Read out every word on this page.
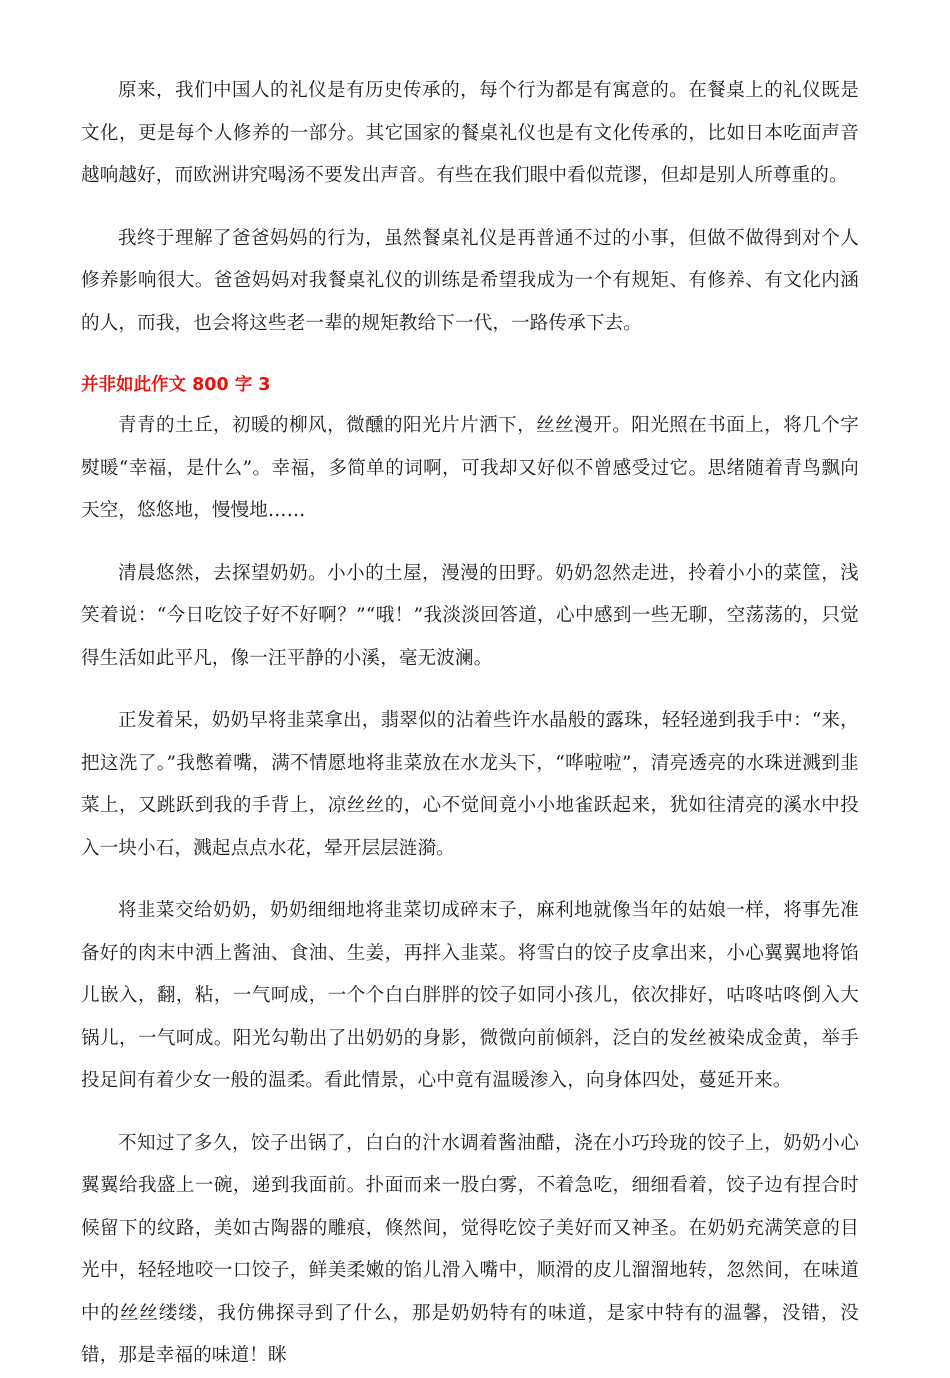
原来，我们中国人的礼仪是有历史传承的，每个行为都是有寓意的。在餐桌上的礼仪既是文化，更是每个人修养的一部分。其它国家的餐桌礼仪也是有文化传承的，比如日本吃面声音越响越好，而欧洲讲究喝汤不要发出声音。有些在我们眼中看似荒谬，但却是别人所尊重的。

我终于理解了爸爸妈妈的行为，虽然餐桌礼仪是再普通不过的小事，但做不做得到对个人修养影响很大。爸爸妈妈对我餐桌礼仪的训练是希望我成为一个有规矩、有修养、有文化内涵的人，而我，也会将这些老一辈的规矩教给下一代，一路传承下去。

并非如此作文 800 字 3

青青的土丘，初暖的柳风，微醺的阳光片片洒下，丝丝漫开。阳光照在书面上，将几个字熨暖“幸福，是什么”。幸福，多简单的词啊，可我却又好似不曾感受过它。思绪随着青鸟飘向天空，悠悠地，慢慢地……

清晨悠然，去探望奶奶。小小的土屋，漫漫的田野。奶奶忽然走进，拎着小小的菜筐，浅笑着说：“今日吃饺子好不好啊？”“哦！”我淡淡回答道，心中感到一些无聊，空荡荡的，只觉得生活如此平凡，像一汪平静的小溪，毫无波澜。

正发着呆，奶奶早将韭菜拿出，翡翠似的沾着些许水晶般的露珠，轻轻递到我手中：“来，把这洗了。”我憋着嘴，满不情愿地将韭菜放在水龙头下，“哗啦啦”，清亮透亮的水珠迸溅到韭菜上，又跳跃到我的手背上，凉丝丝的，心不觉间竟小小地雀跃起来，犹如往清亮的溪水中投入一块小石，溅起点点水花，晕开层层涟漪。

将韭菜交给奶奶，奶奶细细地将韭菜切成碎末子，麻利地就像当年的姑娘一样，将事先准备好的肉末中洒上酱油、食油、生姜，再拌入韭菜。将雪白的饺子皮拿出来，小心翼翼地将馅儿嵌入，翻，粘，一气呵成，一个个白白胖胖的饺子如同小孩儿，依次排好，咕咚咕咚倒入大锅儿，一气呵成。阳光勾勒出了出奶奶的身影，微微向前倾斜，泛白的发丝被染成金黄，举手投足间有着少女一般的温柔。看此情景，心中竟有温暖渗入，向身体四处，蔓延开来。

不知过了多久，饺子出锅了，白白的汁水调着酱油醋，浇在小巧玲珑的饺子上，奶奶小心翼翼给我盛上一碗，递到我面前。扑面而来一股白雾，不着急吃，细细看着，饺子边有捏合时候留下的纹路，美如古陶器的雕痕，倏然间，觉得吃饺子美好而又神圣。在奶奶充满笑意的目光中，轻轻地咬一口饺子，鲜美柔嫩的馅儿滑入嘴中，顺滑的皮儿溜溜地转，忽然间，在味道中的丝丝缕缕，我仿佛探寻到了什么，那是奶奶特有的味道，是家中特有的温馨，没错，没错，那是幸福的味道！眯
